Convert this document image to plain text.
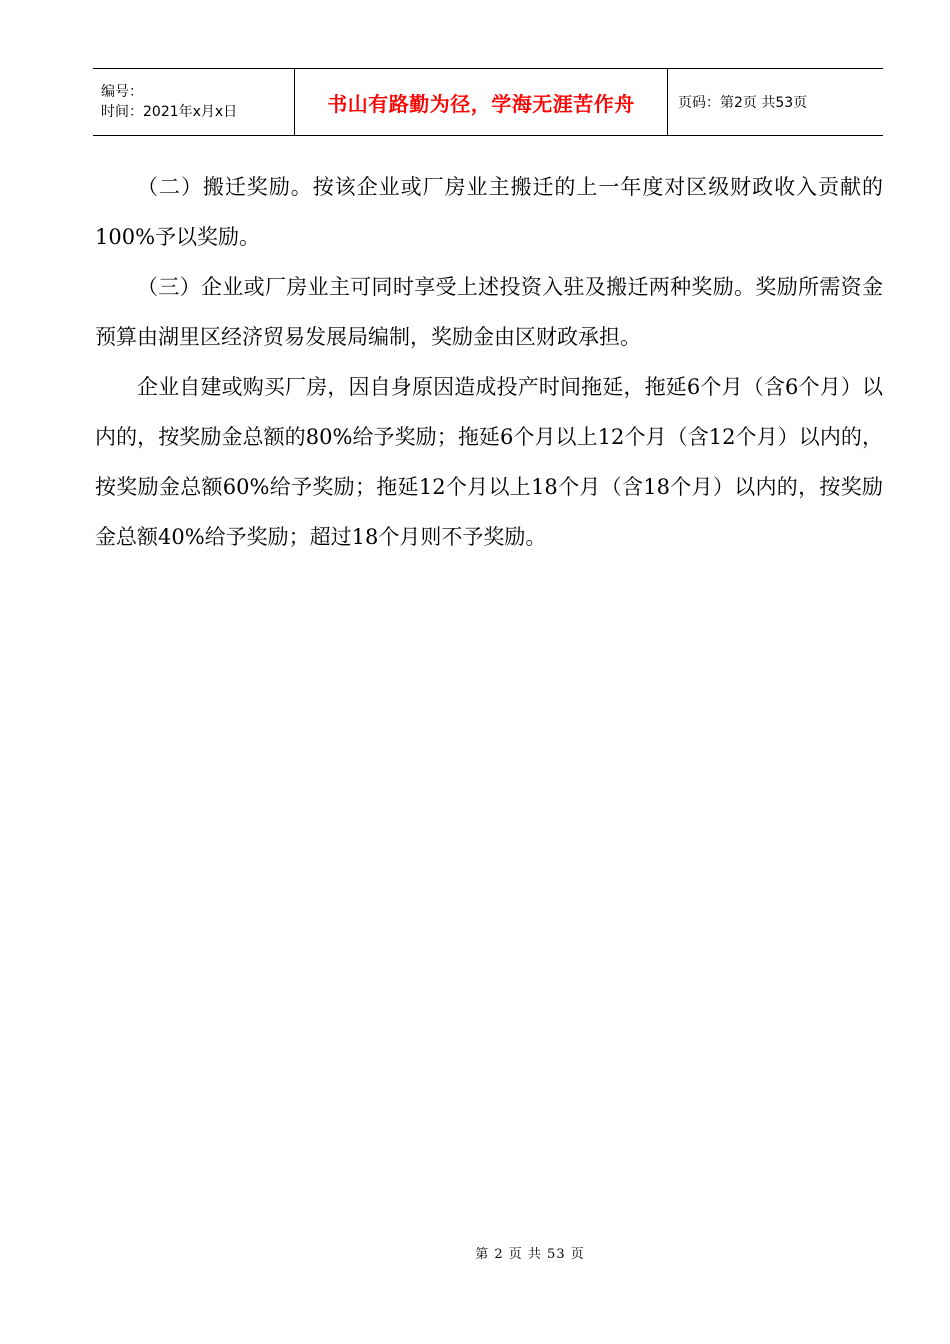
编号：
时间：2021年x月x日	书山有路勤为径，学海无涯苦作舟	页码：第2页 共53页

（二）搬迁奖励。按该企业或厂房业主搬迁的上一年度对区级财政收入贡献的100%予以奖励。

（三）企业或厂房业主可同时享受上述投资入驻及搬迁两种奖励。奖励所需资金预算由湖里区经济贸易发展局编制，奖励金由区财政承担。

企业自建或购买厂房，因自身原因造成投产时间拖延，拖延6个月（含6个月）以内的，按奖励金总额的80%给予奖励；拖延6个月以上12个月（含12个月）以内的，按奖励金总额60%给予奖励；拖延12个月以上18个月（含18个月）以内的，按奖励金总额40%给予奖励；超过18个月则不予奖励。

第 2 页 共 53 页
